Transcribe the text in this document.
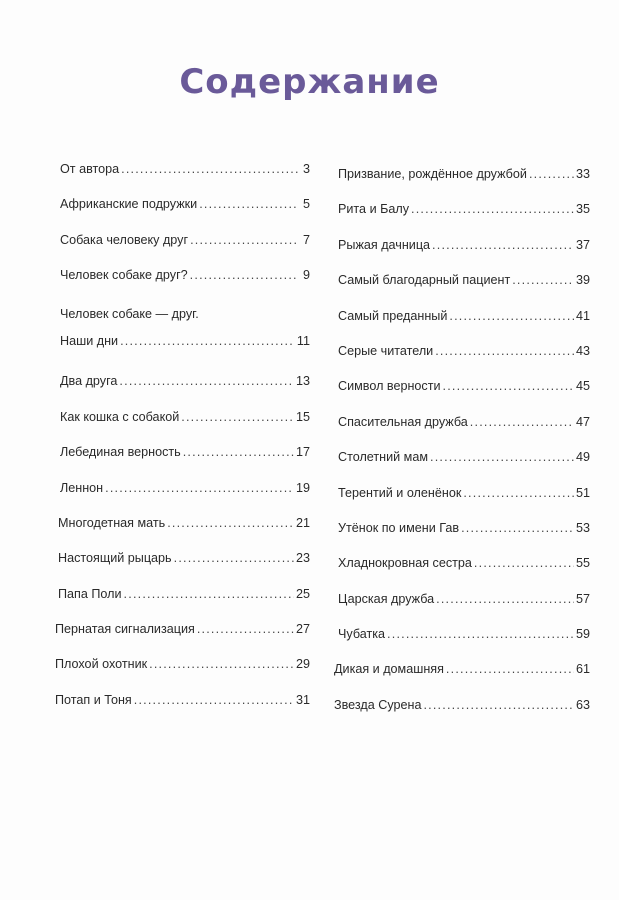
Содержание
От автора .....	3
Африканские подружки .....	5
Собака человеку друг .....	7
Человек собаке друг? .....	9
Человек собаке — друг.
Наши дни .....	11
Два друга .....	13
Как кошка с собакой .....	15
Лебединая верность .....	17
Леннон .....	19
Многодетная мать .....	21
Настоящий рыцарь .....	23
Папа Поли .....	25
Пернатая сигнализация .....	27
Плохой охотник .....	29
Потап и Тоня .....	31
Призвание, рождённое дружбой .....	33
Рита и Балу .....	35
Рыжая дачница .....	37
Самый благодарный пациент .....	39
Самый преданный .....	41
Серые читатели .....	43
Символ верности .....	45
Спасительная дружба .....	47
Столетний мам .....	49
Терентий и оленёнок .....	51
Утёнок по имени Гав .....	53
Хладнокровная сестра .....	55
Царская дружба .....	57
Чубатка .....	59
Дикая и домашняя .....	61
Звезда Сурена .....	63
